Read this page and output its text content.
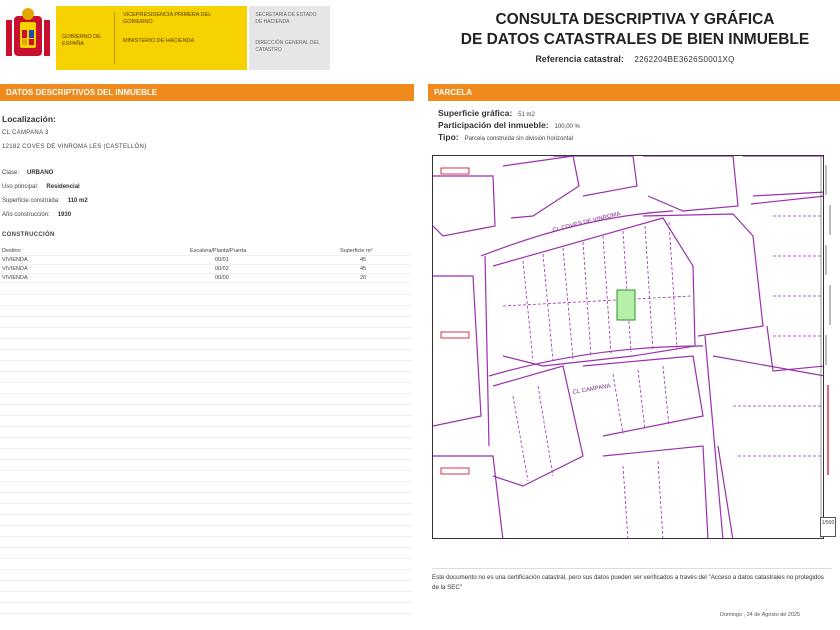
GOBIERNO DE ESPAÑA
VICEPRESIDENCIA PRIMERA DEL GOBIERNO
MINISTERIO DE HACIENDA
SECRETARÍA DE ESTADO DE HACIENDA
DIRECCIÓN GENERAL DEL CATASTRO
CONSULTA DESCRIPTIVA Y GRÁFICA
DE DATOS CATASTRALES DE BIEN INMUEBLE
Referencia catastral: 2262204BE3626S0001XQ
DATOS DESCRIPTIVOS DEL INMUEBLE	PARCELA
Localización:
CL CAMPANA 3
12182 COVES DE VINROMA LES (CASTELLÓN)
Clase: URBANO
Uso principal: Residencial
Superficie construida: 110 m2
Año construcción: 1930
CONSTRUCCIÓN
Destino	Escalera/Planta/Puerta	Superficie m²
VIVIENDA	00/01	45
VIVIENDA	00/02	45
VIVIENDA	00/00	20
Superficie gráfica: 51 m2
Participación del inmueble: 100,00 %
Tipo: Parcela construida sin división horizontal
CL COVES DE VINROMA
CL CAMPANA
1/500
Este documento no es una certificación catastral, pero sus datos pueden ser verificados a través del "Acceso a datos catastrales no protegidos de la SEC"
Domingo , 24 de Agosto de 2025
